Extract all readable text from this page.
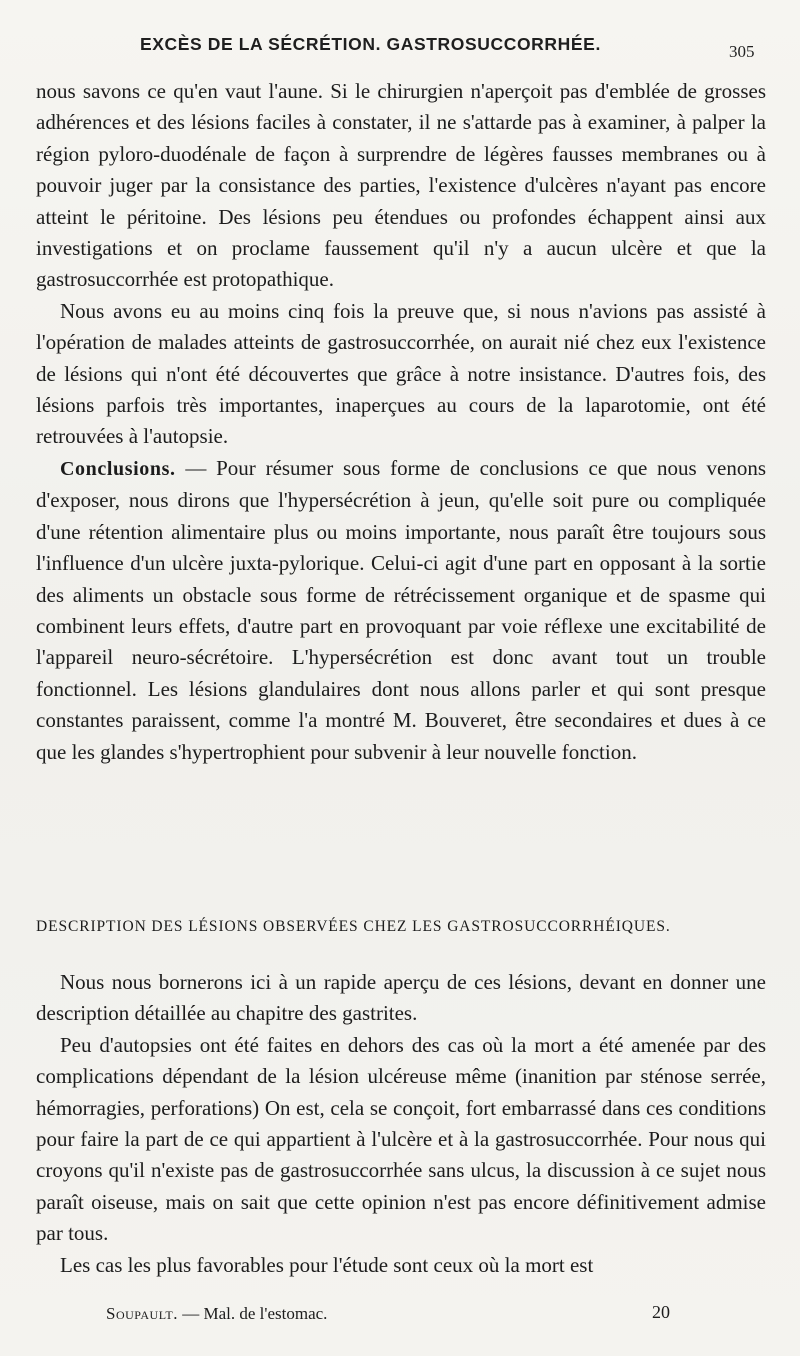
EXCÈS DE LA SÉCRÉTION. GASTROSUCCORRHÉE.	305

nous savons ce qu'en vaut l'aune. Si le chirurgien n'aperçoit pas d'emblée de grosses adhérences et des lésions faciles à constater, il ne s'attarde pas à examiner, à palper la région pyloro-duodénale de façon à surprendre de légères fausses membranes ou à pouvoir juger par la consistance des parties, l'existence d'ulcères n'ayant pas encore atteint le péritoine. Des lésions peu étendues ou profondes échappent ainsi aux investigations et on proclame faussement qu'il n'y a aucun ulcère et que la gastrosuccorrhée est protopathique.

Nous avons eu au moins cinq fois la preuve que, si nous n'avions pas assisté à l'opération de malades atteints de gastrosuccorrhée, on aurait nié chez eux l'existence de lésions qui n'ont été découvertes que grâce à notre insistance. D'autres fois, des lésions parfois très importantes, inaperçues au cours de la laparotomie, ont été retrouvées à l'autopsie.

Conclusions. — Pour résumer sous forme de conclusions ce que nous venons d'exposer, nous dirons que l'hypersécrétion à jeun, qu'elle soit pure ou compliquée d'une rétention alimentaire plus ou moins importante, nous paraît être toujours sous l'influence d'un ulcère juxta-pylorique. Celui-ci agit d'une part en opposant à la sortie des aliments un obstacle sous forme de rétrécissement organique et de spasme qui combinent leurs effets, d'autre part en provoquant par voie réflexe une excitabilité de l'appareil neuro-sécrétoire. L'hypersécrétion est donc avant tout un trouble fonctionnel. Les lésions glandulaires dont nous allons parler et qui sont presque constantes paraissent, comme l'a montré M. Bouveret, être secondaires et dues à ce que les glandes s'hypertrophient pour subvenir à leur nouvelle fonction.

DESCRIPTION DES LÉSIONS OBSERVÉES CHEZ LES GASTROSUCCORRHÉIQUES.

Nous nous bornerons ici à un rapide aperçu de ces lésions, devant en donner une description détaillée au chapitre des gastrites.

Peu d'autopsies ont été faites en dehors des cas où la mort a été amenée par des complications dépendant de la lésion ulcéreuse même (inanition par sténose serrée, hémorragies, perforations) On est, cela se conçoit, fort embarrassé dans ces conditions pour faire la part de ce qui appartient à l'ulcère et à la gastrosuccorrhée. Pour nous qui croyons qu'il n'existe pas de gastrosuccorrhée sans ulcus, la discussion à ce sujet nous paraît oiseuse, mais on sait que cette opinion n'est pas encore définitivement admise par tous.

Les cas les plus favorables pour l'étude sont ceux où la mort est

Soupault. — Mal. de l'estomac.	20
